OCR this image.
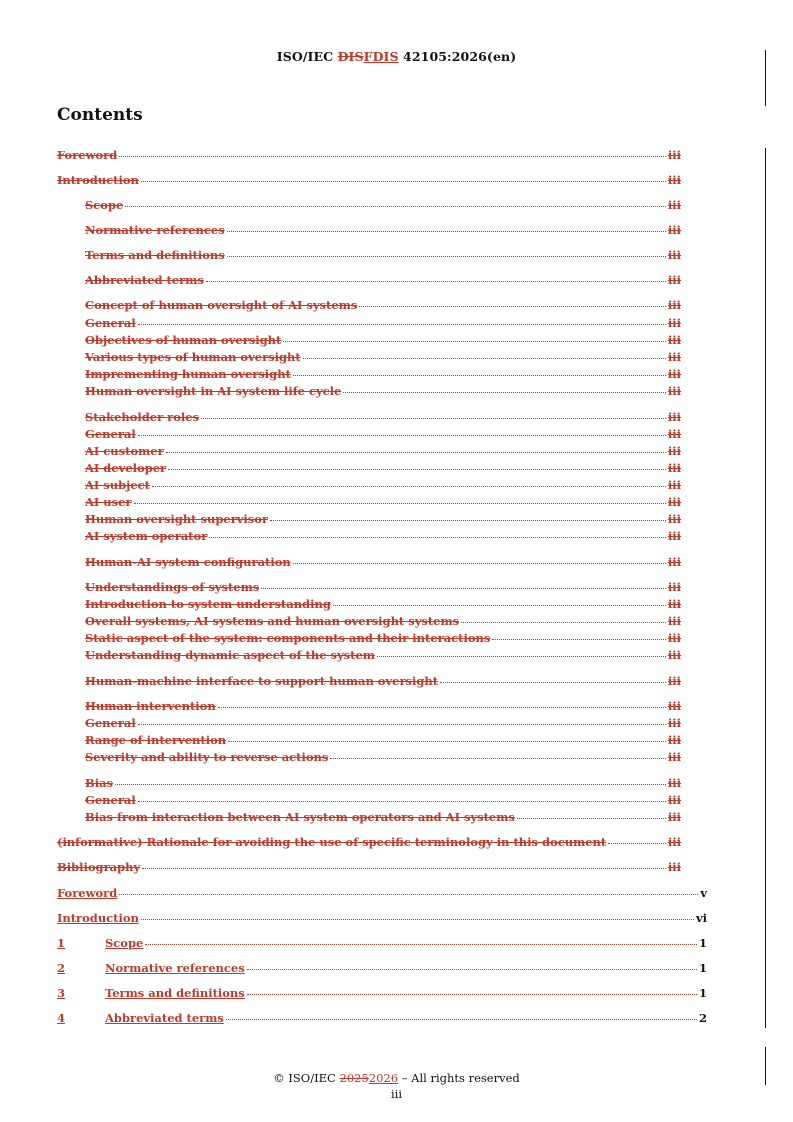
ISO/IEC DISFDIS 42105:2026(en)
Contents
Foreword	iii
Introduction	iii
Scope	iii
Normative references	iii
Terms and definitions	iii
Abbreviated terms	iii
Concept of human oversight of AI systems	iii
General	iii
Objectives of human oversight	iii
Various types of human oversight	iii
Imprementing human oversight	iii
Human oversight in AI system life cycle	iii
Stakeholder roles	iii
General	iii
AI customer	iii
AI developer	iii
AI subject	iii
AI user	iii
Human oversight supervisor	iii
AI system operator	iii
Human-AI system configuration	iii
Understandings of systems	iii
Introduction to system understanding	iii
Overall systems, AI systems and human oversight systems	iii
Static aspect of the system: components and their interactions	iii
Understanding dynamic aspect of the system	iii
Human-machine interface to support human oversight	iii
Human intervention	iii
General	iii
Range of intervention	iii
Severity and ability to reverse actions	iii
Bias	iii
General	iii
Bias from interaction between AI system operators and AI systems	iii
(informative) Rationale for avoiding the use of specific terminology in this document	iii
Bibliography	iii
Foreword	v
Introduction	vi
1	Scope	1
2	Normative references	1
3	Terms and definitions	1
4	Abbreviated terms	2
© ISO/IEC 20252026 – All rights reserved
iii
